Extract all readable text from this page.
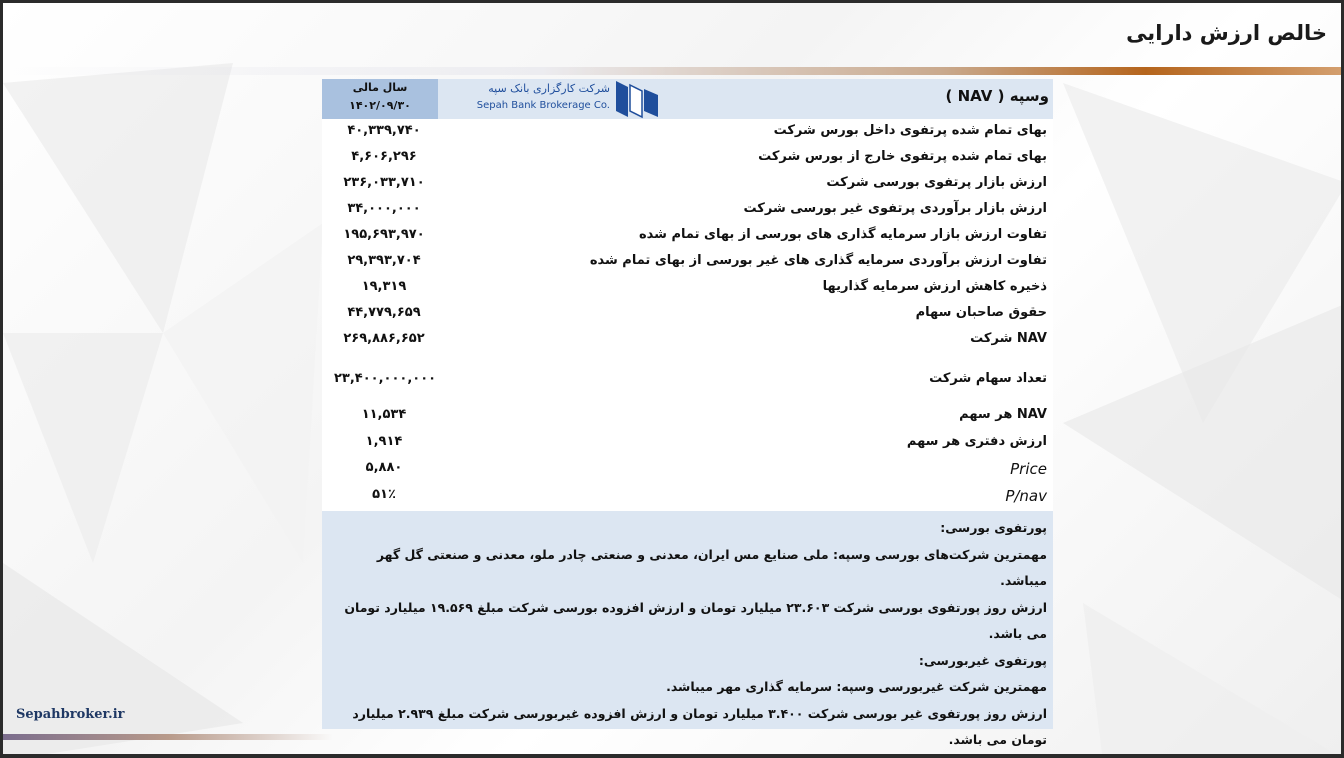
خالص ارزش دارایی
وسپه ( NAV )
سال مالی
۱۴۰۲/۰۹/۳۰
شرکت کارگزاری بانک سپه
Sepah Bank Brokerage Co.
بهای تمام شده پرتفوی داخل بورس شرکت
۴۰,۳۳۹,۷۴۰
بهای تمام شده پرتفوی خارج از بورس شرکت
۴,۶۰۶,۲۹۶
ارزش بازار پرتفوی بورسی شرکت
۲۳۶,۰۳۳,۷۱۰
ارزش بازار برآوردی پرتفوی غیر بورسی شرکت
۳۴,۰۰۰,۰۰۰
تفاوت ارزش بازار سرمایه گذاری های بورسی از بهای تمام شده
۱۹۵,۶۹۳,۹۷۰
تفاوت ارزش برآوردی سرمایه گذاری های غیر بورسی از بهای تمام شده
۲۹,۳۹۳,۷۰۴
ذخیره کاهش ارزش سرمایه گذاریها
۱۹,۳۱۹
حقوق صاحبان سهام
۴۴,۷۷۹,۶۵۹
NAV شرکت
۲۶۹,۸۸۶,۶۵۲
تعداد سهام شرکت
۲۳,۴۰۰,۰۰۰,۰۰۰
NAV هر سهم
۱۱,۵۳۴
ارزش دفتری هر سهم
۱,۹۱۴
Price
۵,۸۸۰
P/nav
۵۱٪

پورتفوی بورسی:

مهمترین شرکت‌های بورسی وسپه: ملی صنایع مس ایران، معدنی و صنعتی چادر ملو، معدنی و صنعتی گل گهر میباشد.

ارزش روز پورتفوی بورسی شرکت ۲۳.۶۰۳ میلیارد تومان و ارزش افزوده بورسی شرکت مبلغ ۱۹.۵۶۹ میلیارد تومان

می باشد.

پورتفوی غیربورسی:

مهمترین شرکت غیربورسی وسپه: سرمایه گذاری مهر میباشد.

ارزش روز پورتفوی غیر بورسی شرکت ۳.۴۰۰ میلیارد تومان و ارزش افزوده غیربورسی شرکت مبلغ ۲.۹۳۹ میلیارد

تومان می باشد.

Sepahbroker.ir
